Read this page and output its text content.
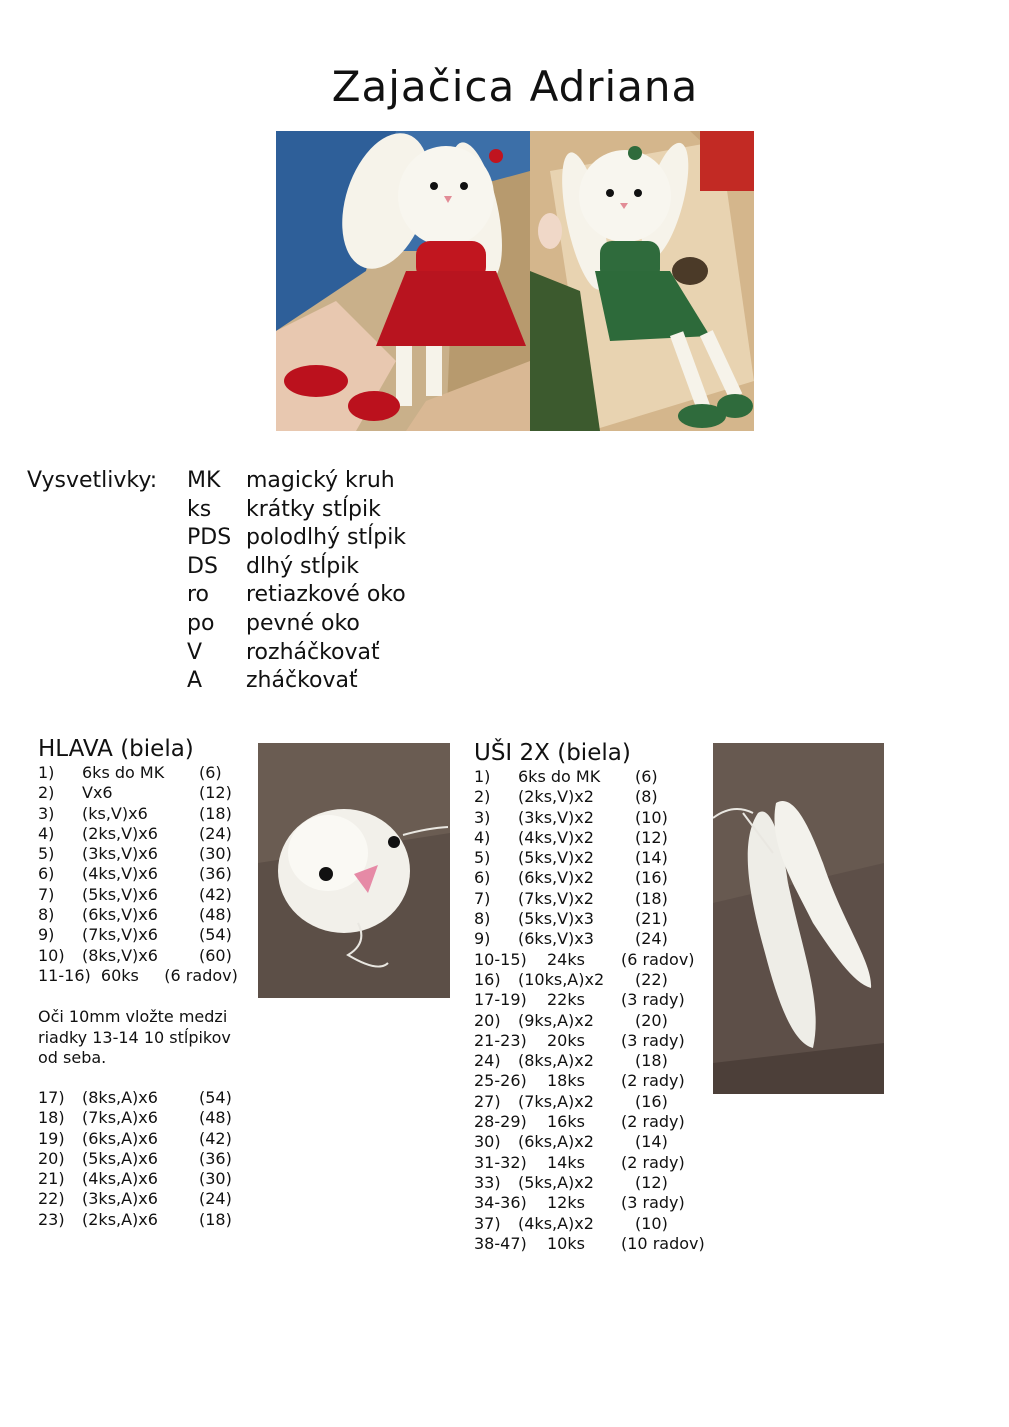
Zajačica Adriana
Vysvetlivky: MK	magický kruh
ks	krátky stĺpik
PDS polodlhý stĺpik
DS	dlhý stĺpik
ro	retiazkové oko
po	pevné oko
V	rozháčkovať
A	zháčkovať
HLAVA (biela)
1) 6ks do MK (6)
2) Vx6	(12)
3) (ks,V)x6	(18)
4) (2ks,V)x6	(24)
5) (3ks,V)x6	(30)
6) (4ks,V)x6	(36)
7) (5ks,V)x6	(42)
8) (6ks,V)x6	(48)
9) (7ks,V)x6	(54)
10) (8ks,V)x6	(60)
11-16)  60ks     (6 radov)
Oči 10mm vložte medzi riadky 13-14 10 stĺpikov od seba.
17) (8ks,A)x6	(54)
18) (7ks,A)x6	(48)
19) (6ks,A)x6	(42)
20) (5ks,A)x6	(36)
21) (4ks,A)x6	(30)
22) (3ks,A)x6	(24)
23) (2ks,A)x6	(18)
UŠI 2X (biela)
1) 6ks do MK (6)
2) (2ks,V)x2	(8)
3) (3ks,V)x2	(10)
4) (4ks,V)x2	(12)
5) (5ks,V)x2	(14)
6) (6ks,V)x2	(16)
7) (7ks,V)x2	(18)
8) (5ks,V)x3	(21)
9) (6ks,V)x3	(24)
10-15) 24ks (6 radov)
16) (10ks,A)x2 (22)
17-19) 22ks (3 rady)
20) (9ks,A)x2	(20)
21-23) 20ks (3 rady)
24) (8ks,A)x2	(18)
25-26) 18ks (2 rady)
27) (7ks,A)x2	(16)
28-29) 16ks (2 rady)
30) (6ks,A)x2	(14)
31-32) 14ks (2 rady)
33) (5ks,A)x2	(12)
34-36) 12ks (3 rady)
37) (4ks,A)x2	(10)
38-47) 10ks (10 radov)
